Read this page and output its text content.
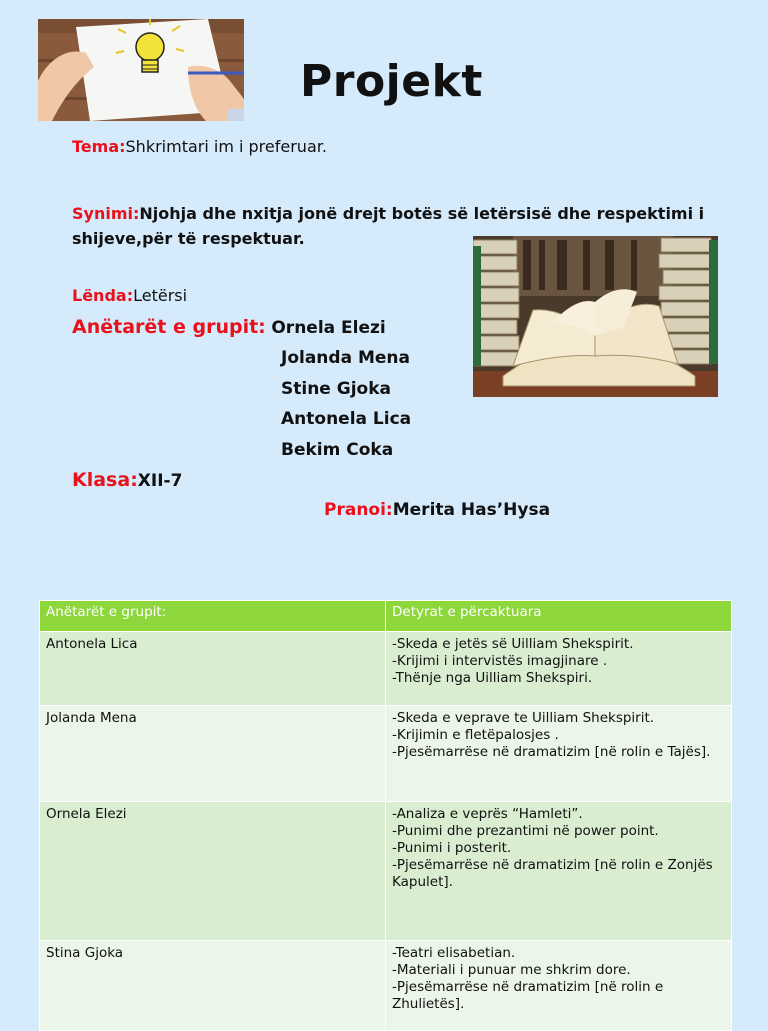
Projekt
Tema:Shkrimtari im i preferuar.
Synimi:Njohja dhe nxitja jonë drejt botës së letërsisë dhe respektimi i
shijeve,për të respektuar.
Lënda:Letërsi
Anëtarët e grupit: Ornela Elezi
Jolanda Mena
Stine Gjoka
Antonela Lica
Bekim Coka
Klasa:XII-7
Pranoi:Merita Has’Hysa
Anëtarët e grupit:	Detyrat e përcaktuara
Antonela Lica	-Skeda e jetës së Uilliam Shekspirit.
-Krijimi i intervistës imagjinare .
-Thënje nga Uilliam Shekspiri.

Jolanda Mena	-Skeda e veprave te Uilliam Shekspirit.
-Krijimin e fletëpalosjes .
-Pjesëmarrëse në dramatizim [në rolin e Tajës].

Ornela Elezi	-Analiza e veprës “Hamleti”.
-Punimi dhe prezantimi në power point.
-Punimi i posterit.
-Pjesëmarrëse në dramatizim [në rolin e Zonjës Kapulet].

Stina Gjoka	-Teatri elisabetian.
-Materiali i punuar me shkrim dore.
-Pjesëmarrëse në dramatizim [në rolin e Zhulietës].
